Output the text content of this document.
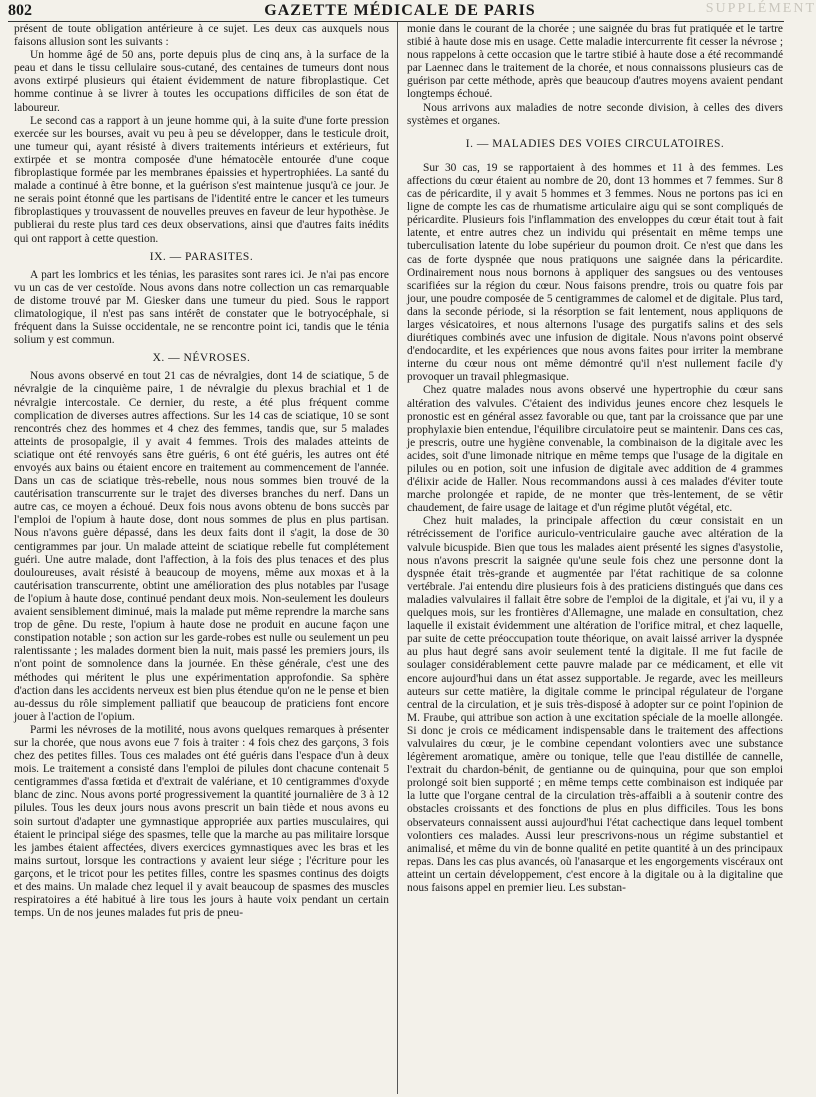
802	GAZETTE MÉDICALE DE PARIS	SUPPLÉMENT

présent de toute obligation antérieure à ce sujet. Les deux cas auxquels nous faisons allusion sont les suivants :

Un homme âgé de 50 ans, porte depuis plus de cinq ans, à la surface de la peau et dans le tissu cellulaire sous-cutané, des centaines de tumeurs dont nous avons extirpé plusieurs qui étaient évidemment de nature fibroplastique. Cet homme continue à se livrer à toutes les occupations difficiles de son état de laboureur.

Le second cas a rapport à un jeune homme qui, à la suite d'une forte pression exercée sur les bourses, avait vu peu à peu se développer, dans le testicule droit, une tumeur qui, ayant résisté à divers traitements intérieurs et extérieurs, fut extirpée et se montra composée d'une hématocèle entourée d'une coque fibroplastique formée par les membranes épaissies et hypertrophiées. La santé du malade a continué à être bonne, et la guérison s'est maintenue jusqu'à ce jour. Je ne serais point étonné que les partisans de l'identité entre le cancer et les tumeurs fibroplastiques y trouvassent de nouvelles preuves en faveur de leur hypothèse. Je publierai du reste plus tard ces deux observations, ainsi que d'autres faits inédits qui ont rapport à cette question.

IX. — PARASITES.

A part les lombrics et les ténias, les parasites sont rares ici. Je n'ai pas encore vu un cas de ver cestoïde. Nous avons dans notre collection un cas remarquable de distome trouvé par M. Giesker dans une tumeur du pied. Sous le rapport climatologique, il n'est pas sans intérêt de constater que le botryocéphale, si fréquent dans la Suisse occidentale, ne se rencontre point ici, tandis que le ténia solium y est commun.

X. — NÉVROSES.

Nous avons observé en tout 21 cas de névralgies, dont 14 de sciatique, 5 de névralgie de la cinquième paire, 1 de névralgie du plexus brachial et 1 de névralgie intercostale. Ce dernier, du reste, a été plus fréquent comme complication de diverses autres affections. Sur les 14 cas de sciatique, 10 se sont rencontrés chez des hommes et 4 chez des femmes, tandis que, sur 5 malades atteints de prosopalgie, il y avait 4 femmes. Trois des malades atteints de sciatique ont été renvoyés sans être guéris, 6 ont été guéris, les autres ont été envoyés aux bains ou étaient encore en traitement au commencement de l'année. Dans un cas de sciatique très-rebelle, nous nous sommes bien trouvé de la cautérisation transcurrente sur le trajet des diverses branches du nerf. Dans un autre cas, ce moyen a échoué. Deux fois nous avons obtenu de bons succès par l'emploi de l'opium à haute dose, dont nous sommes de plus en plus partisan. Nous n'avons guère dépassé, dans les deux faits dont il s'agit, la dose de 30 centigrammes par jour. Un malade atteint de sciatique rebelle fut complétement guéri. Une autre malade, dont l'affection, à la fois des plus tenaces et des plus douloureuses, avait résisté à beaucoup de moyens, même aux moxas et à la cautérisation transcurrente, obtint une amélioration des plus notables par l'usage de l'opium à haute dose, continué pendant deux mois. Non-seulement les douleurs avaient sensiblement diminué, mais la malade put même reprendre la marche sans trop de gêne. Du reste, l'opium à haute dose ne produit en aucune façon une constipation notable ; son action sur les garde-robes est nulle ou seulement un peu ralentissante ; les malades dorment bien la nuit, mais passé les premiers jours, ils n'ont point de somnolence dans la journée. En thèse générale, c'est une des méthodes qui méritent le plus une expérimentation approfondie. Sa sphère d'action dans les accidents nerveux est bien plus étendue qu'on ne le pense et bien au-dessus du rôle simplement palliatif que beaucoup de praticiens font encore jouer à l'action de l'opium.

Parmi les névroses de la motilité, nous avons quelques remarques à présenter sur la chorée, que nous avons eue 7 fois à traiter : 4 fois chez des garçons, 3 fois chez des petites filles. Tous ces malades ont été guéris dans l'espace d'un à deux mois. Le traitement a consisté dans l'emploi de pilules dont chacune contenait 5 centigrammes d'assa fœtida et d'extrait de valériane, et 10 centigrammes d'oxyde blanc de zinc. Nous avons porté progressivement la quantité journalière de 3 à 12 pilules. Tous les deux jours nous avons prescrit un bain tiède et nous avons eu soin surtout d'adapter une gymnastique appropriée aux parties musculaires, qui étaient le principal siége des spasmes, telle que la marche au pas militaire lorsque les jambes étaient affectées, divers exercices gymnastiques avec les bras et les mains surtout, lorsque les contractions y avaient leur siége ; l'écriture pour les garçons, et le tricot pour les petites filles, contre les spasmes continus des doigts et des mains. Un malade chez lequel il y avait beaucoup de spasmes des muscles respiratoires a été habitué à lire tous les jours à haute voix pendant un certain temps. Un de nos jeunes malades fut pris de pneu-

monie dans le courant de la chorée ; une saignée du bras fut pratiquée et le tartre stibié à haute dose mis en usage. Cette maladie intercurrente fit cesser la névrose ; nous rappelons à cette occasion que le tartre stibié à haute dose a été recommandé par Laennec dans le traitement de la chorée, et nous connaissons plusieurs cas de guérison par cette méthode, après que beaucoup d'autres moyens avaient pendant longtemps échoué.

Nous arrivons aux maladies de notre seconde division, à celles des divers systèmes et organes.

I. — MALADIES DES VOIES CIRCULATOIRES.

Sur 30 cas, 19 se rapportaient à des hommes et 11 à des femmes. Les affections du cœur étaient au nombre de 20, dont 13 hommes et 7 femmes. Sur 8 cas de péricardite, il y avait 5 hommes et 3 femmes. Nous ne portons pas ici en ligne de compte les cas de rhumatisme articulaire aigu qui se sont compliqués de péricardite. Plusieurs fois l'inflammation des enveloppes du cœur était tout à fait latente, et entre autres chez un individu qui présentait en même temps une tuberculisation latente du lobe supérieur du poumon droit. Ce n'est que dans les cas de forte dyspnée que nous pratiquons une saignée dans la péricardite. Ordinairement nous nous bornons à appliquer des sangsues ou des ventouses scarifiées sur la région du cœur. Nous faisons prendre, trois ou quatre fois par jour, une poudre composée de 5 centigrammes de calomel et de digitale. Plus tard, dans la seconde période, si la résorption se fait lentement, nous appliquons de larges vésicatoires, et nous alternons l'usage des purgatifs salins et des sels diurétiques combinés avec une infusion de digitale. Nous n'avons point observé d'endocardite, et les expériences que nous avons faites pour irriter la membrane interne du cœur nous ont même démontré qu'il n'est nullement facile d'y provoquer un travail phlegmasique.

Chez quatre malades nous avons observé une hypertrophie du cœur sans altération des valvules. C'étaient des individus jeunes encore chez lesquels le pronostic est en général assez favorable ou que, tant par la croissance que par une prophylaxie bien entendue, l'équilibre circulatoire peut se maintenir. Dans ces cas, je prescris, outre une hygiène convenable, la combinaison de la digitale avec les acides, soit d'une limonade nitrique en même temps que l'usage de la digitale en pilules ou en potion, soit une infusion de digitale avec addition de 4 grammes d'élixir acide de Haller. Nous recommandons aussi à ces malades d'éviter toute marche prolongée et rapide, de ne monter que très-lentement, de se vêtir chaudement, de faire usage de laitage et d'un régime plutôt végétal, etc.

Chez huit malades, la principale affection du cœur consistait en un rétrécissement de l'orifice auriculo-ventriculaire gauche avec altération de la valvule bicuspide. Bien que tous les malades aient présenté les signes d'asystolie, nous n'avons prescrit la saignée qu'une seule fois chez une personne dont la dyspnée était très-grande et augmentée par l'état rachitique de sa colonne vertébrale. J'ai entendu dire plusieurs fois à des praticiens distingués que dans ces maladies valvulaires il fallait être sobre de l'emploi de la digitale, et j'ai vu, il y a quelques mois, sur les frontières d'Allemagne, une malade en consultation, chez laquelle il existait évidemment une altération de l'orifice mitral, et chez laquelle, par suite de cette préoccupation toute théorique, on avait laissé arriver la dyspnée au plus haut degré sans avoir seulement tenté la digitale. Il me fut facile de soulager considérablement cette pauvre malade par ce médicament, et elle vit encore aujourd'hui dans un état assez supportable. Je regarde, avec les meilleurs auteurs sur cette matière, la digitale comme le principal régulateur de l'organe central de la circulation, et je suis très-disposé à adopter sur ce point l'opinion de M. Fraube, qui attribue son action à une excitation spéciale de la moelle allongée. Si donc je crois ce médicament indispensable dans le traitement des affections valvulaires du cœur, je le combine cependant volontiers avec une substance légèrement aromatique, amère ou tonique, telle que l'eau distillée de cannelle, l'extrait du chardon-bénit, de gentianne ou de quinquina, pour que son emploi prolongé soit bien supporté ; en même temps cette combinaison est indiquée par la lutte que l'organe central de la circulation très-affaibli a à soutenir contre des obstacles croissants et des fonctions de plus en plus difficiles. Tous les bons observateurs connaissent aussi aujourd'hui l'état cachectique dans lequel tombent volontiers ces malades. Aussi leur prescrivons-nous un régime substantiel et animalisé, et même du vin de bonne qualité en petite quantité à un des principaux repas. Dans les cas plus avancés, où l'anasarque et les engorgements viscéraux ont atteint un certain développement, c'est encore à la digitale ou à la digitaline que nous faisons appel en premier lieu. Les substan-
